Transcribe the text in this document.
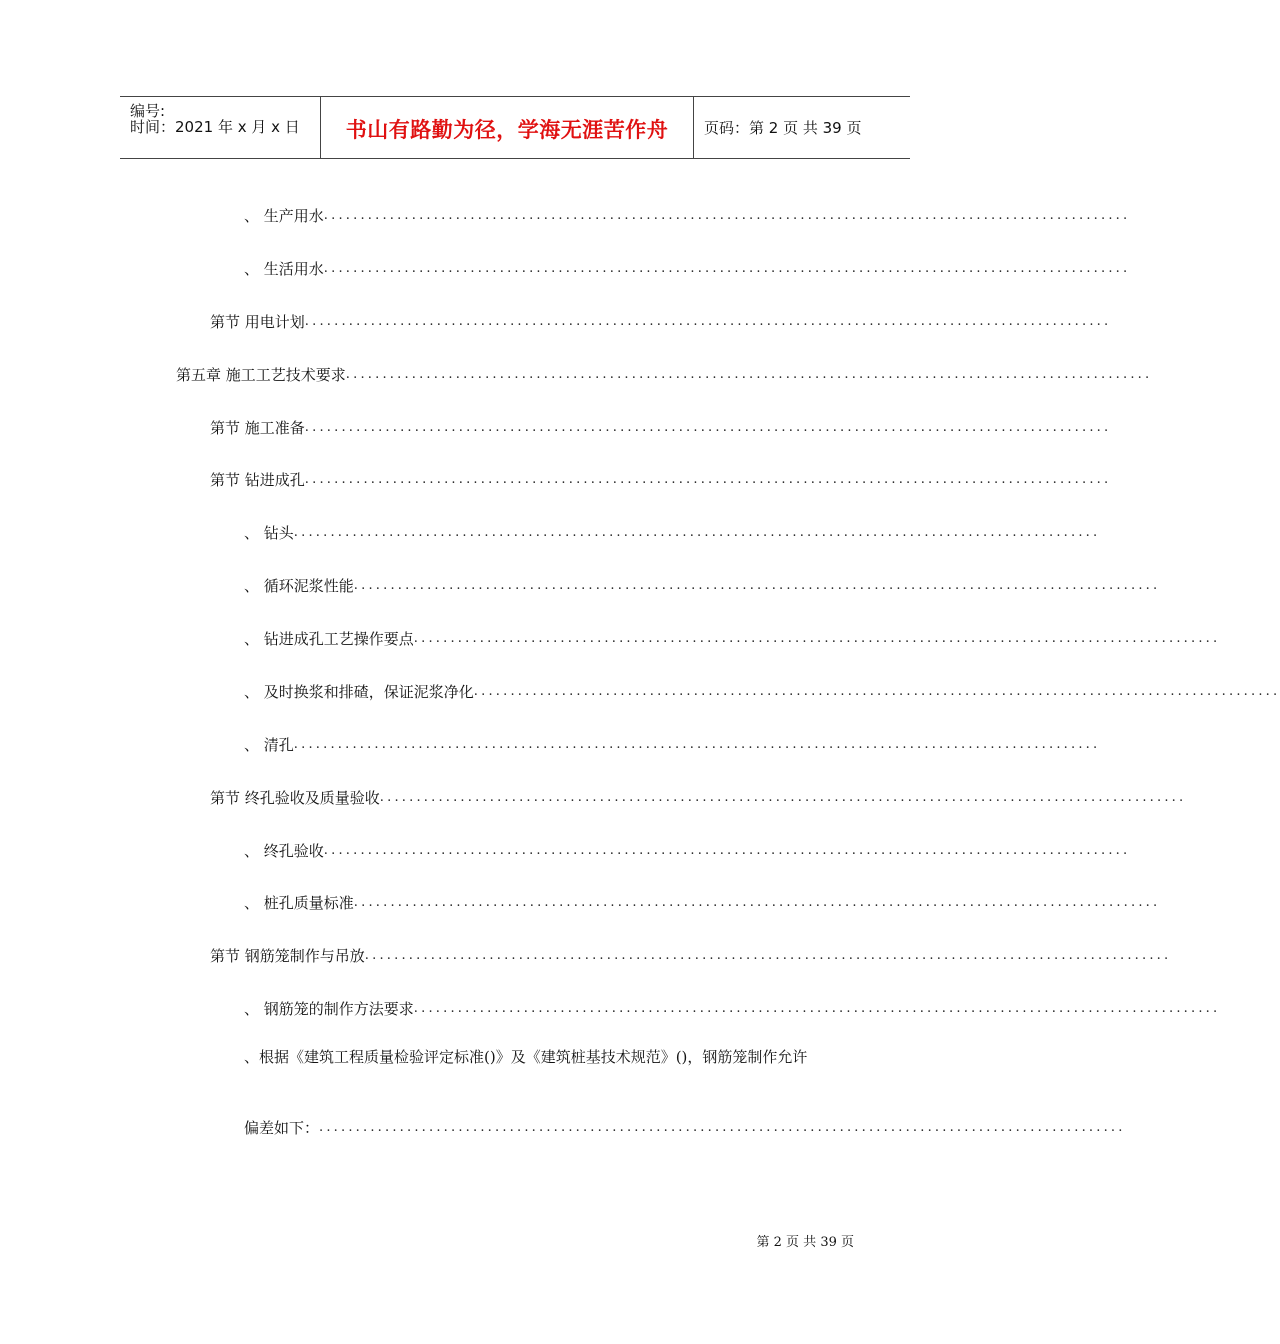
编号:
时间：2021 年 x 月 x 日	书山有路勤为径，学海无涯苦作舟	页码：第 2 页 共 39 页
、 生产用水 ..............................................................................................................
、 生活用水 ..............................................................................................................
第节 用电计划 ..............................................................................................................
第五章 施工工艺技术要求 ..............................................................................................................
第节 施工准备 ..............................................................................................................
第节 钻进成孔 ..............................................................................................................
、 钻头 ..............................................................................................................
、 循环泥浆性能 ..............................................................................................................
、 钻进成孔工艺操作要点 ..............................................................................................................
、 及时换浆和排碴，保证泥浆净化 ..............................................................................................................
、 清孔 ..............................................................................................................
第节 终孔验收及质量验收 ..............................................................................................................
、 终孔验收 ..............................................................................................................
、 桩孔质量标准 ..............................................................................................................
第节 钢筋笼制作与吊放 ..............................................................................................................
、 钢筋笼的制作方法要求 ..............................................................................................................
、根据《建筑工程质量检验评定标准()》及《建筑桩基技术规范》()，钢筋笼制作允许
偏差如下： ..............................................................................................................
第 2 页 共 39 页
